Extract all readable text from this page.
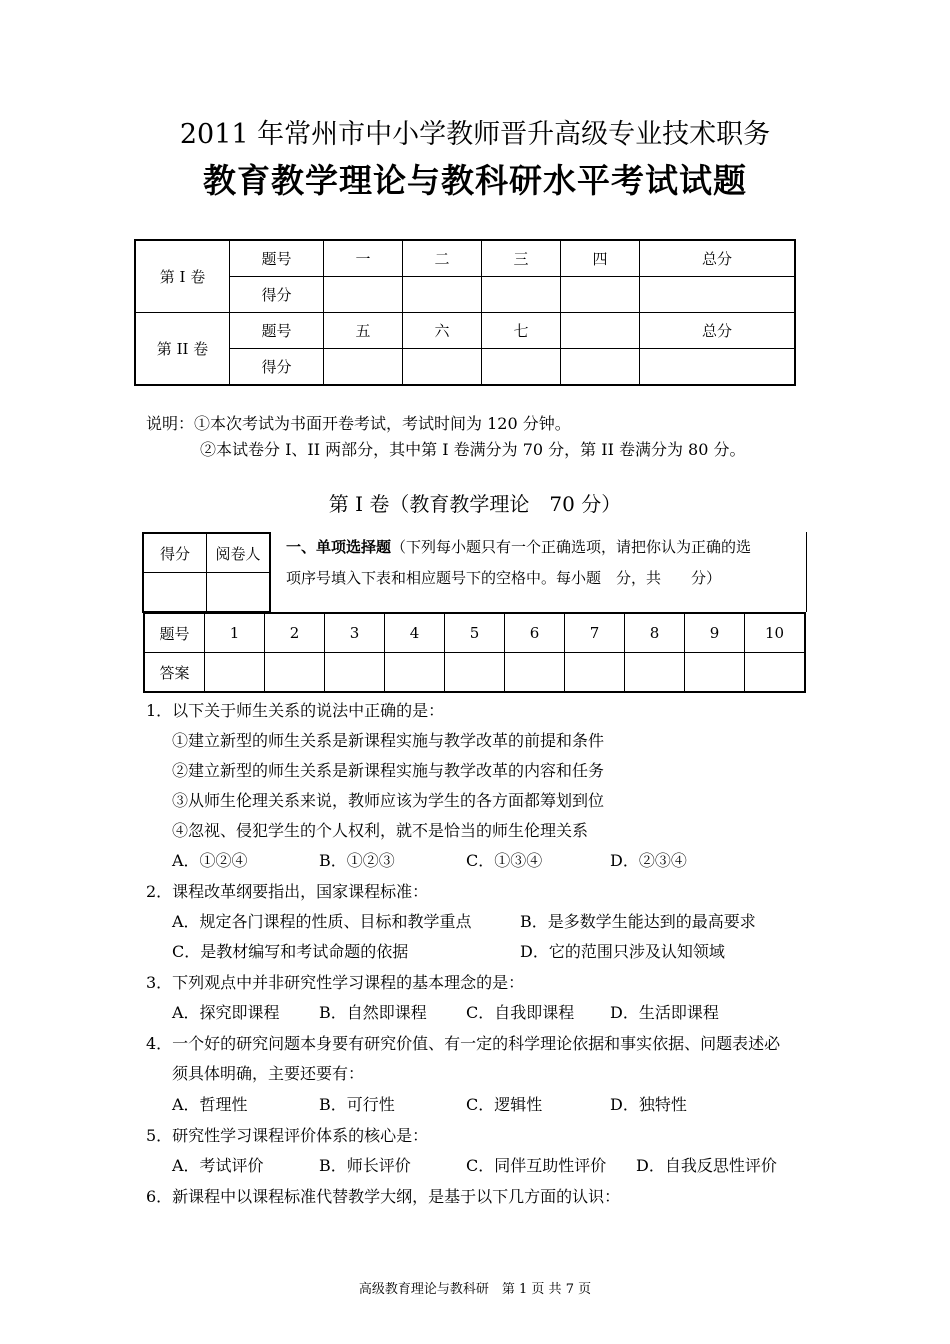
2011 年常州市中小学教师晋升高级专业技术职务
教育教学理论与教科研水平考试试题
第 I 卷	题号	一	二	三	四	总分
	得分					
第 II 卷	题号	五	六	七		总分
	得分					
说明：①本次考试为书面开卷考试，考试时间为 120 分钟。
②本试卷分 I、II 两部分，其中第 I 卷满分为 70 分，第 II 卷满分为 80 分。
第 I 卷（教育教学理论　70 分）
得分	阅卷人
	一、单项选择题（下列每小题只有一个正确选项，请把你认为正确的选
项序号填入下表和相应题号下的空格中。每小题　分，共　　分）
题号	1	2	3	4	5	6	7	8	9	10
答案										
1．以下关于师生关系的说法中正确的是：
①建立新型的师生关系是新课程实施与教学改革的前提和条件
②建立新型的师生关系是新课程实施与教学改革的内容和任务
③从师生伦理关系来说，教师应该为学生的各方面都筹划到位
④忽视、侵犯学生的个人权利，就不是恰当的师生伦理关系
A．①②④	B．①②③	C．①③④	D．②③④
2．课程改革纲要指出，国家课程标准：
A．规定各门课程的性质、目标和教学重点	B．是多数学生能达到的最高要求
C．是教材编写和考试命题的依据	D．它的范围只涉及认知领域
3．下列观点中并非研究性学习课程的基本理念的是：
A．探究即课程 B．自然即课程 C．自我即课程 D．生活即课程
4．一个好的研究问题本身要有研究价值、有一定的科学理论依据和事实依据、问题表述必
须具体明确，主要还要有：
A．哲理性	B．可行性	C．逻辑性	D．独特性
5．研究性学习课程评价体系的核心是：
A．考试评价	B．师长评价	C．同伴互助性评价 D．自我反思性评价
6．新课程中以课程标准代替教学大纲，是基于以下几方面的认识：
高级教育理论与教科研　第 1 页 共 7 页
